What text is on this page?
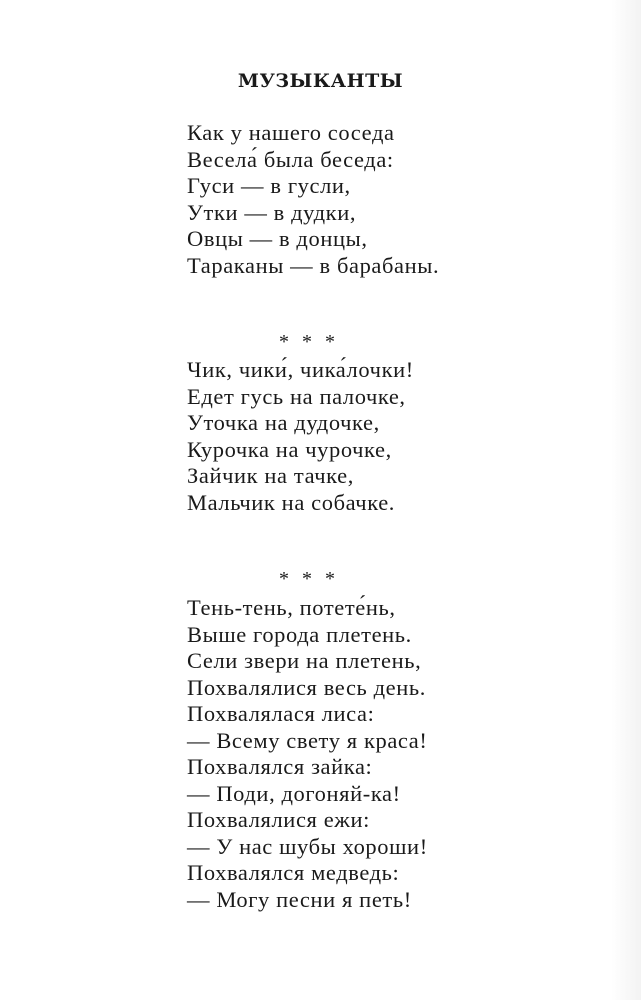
МУЗЫКАНТЫ
Как у нашего соседа
Весела́ была беседа:
Гуси — в гусли,
Утки — в дудки,
Овцы — в донцы,
Тараканы — в барабаны.

* * *

Чик, чики́, чика́лочки!
Едет гусь на палочке,
Уточка на дудочке,
Курочка на чурочке,
Зайчик на тачке,
Мальчик на собачке.

* * *

Тень-тень, потете́нь,
Выше города плетень.
Сели звери на плетень,
Похвалялися весь день.
Похвалялася лиса:
— Всему свету я краса!
Похвалялся зайка:
— Поди, догоняй-ка!
Похвалялися ежи:
— У нас шубы хороши!
Похвалялся медведь:
— Могу песни я петь!
